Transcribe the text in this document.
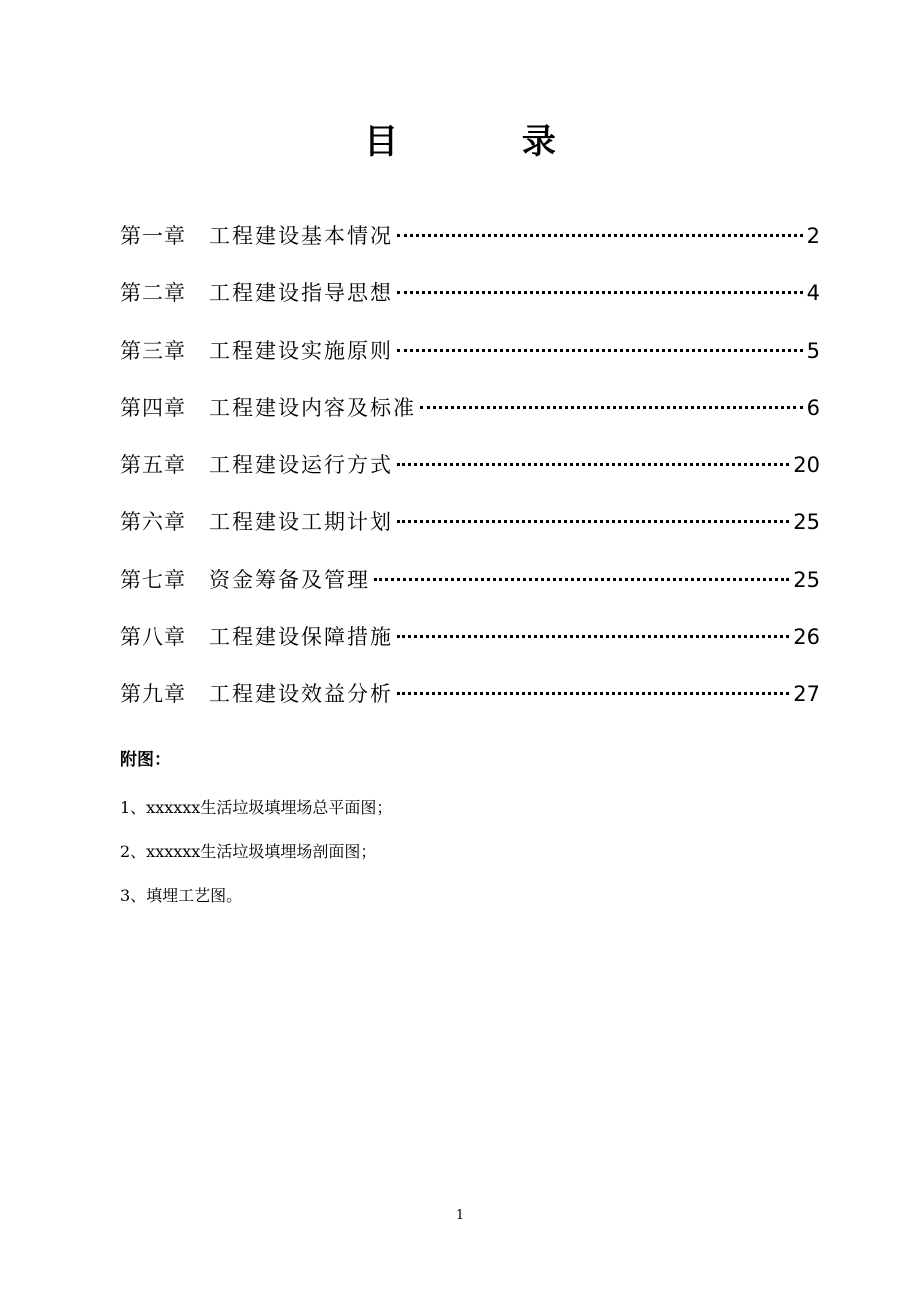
目 录
第一章	工程建设基本情况	2
第二章	工程建设指导思想	4
第三章	工程建设实施原则	5
第四章	工程建设内容及标准	6
第五章	工程建设运行方式	20
第六章	工程建设工期计划	25
第七章	资金筹备及管理	25
第八章	工程建设保障措施	26
第九章	工程建设效益分析	27
附图：
1、xxxxxx生活垃圾填埋场总平面图；
2、xxxxxx生活垃圾填埋场剖面图；
3、填埋工艺图。
1
